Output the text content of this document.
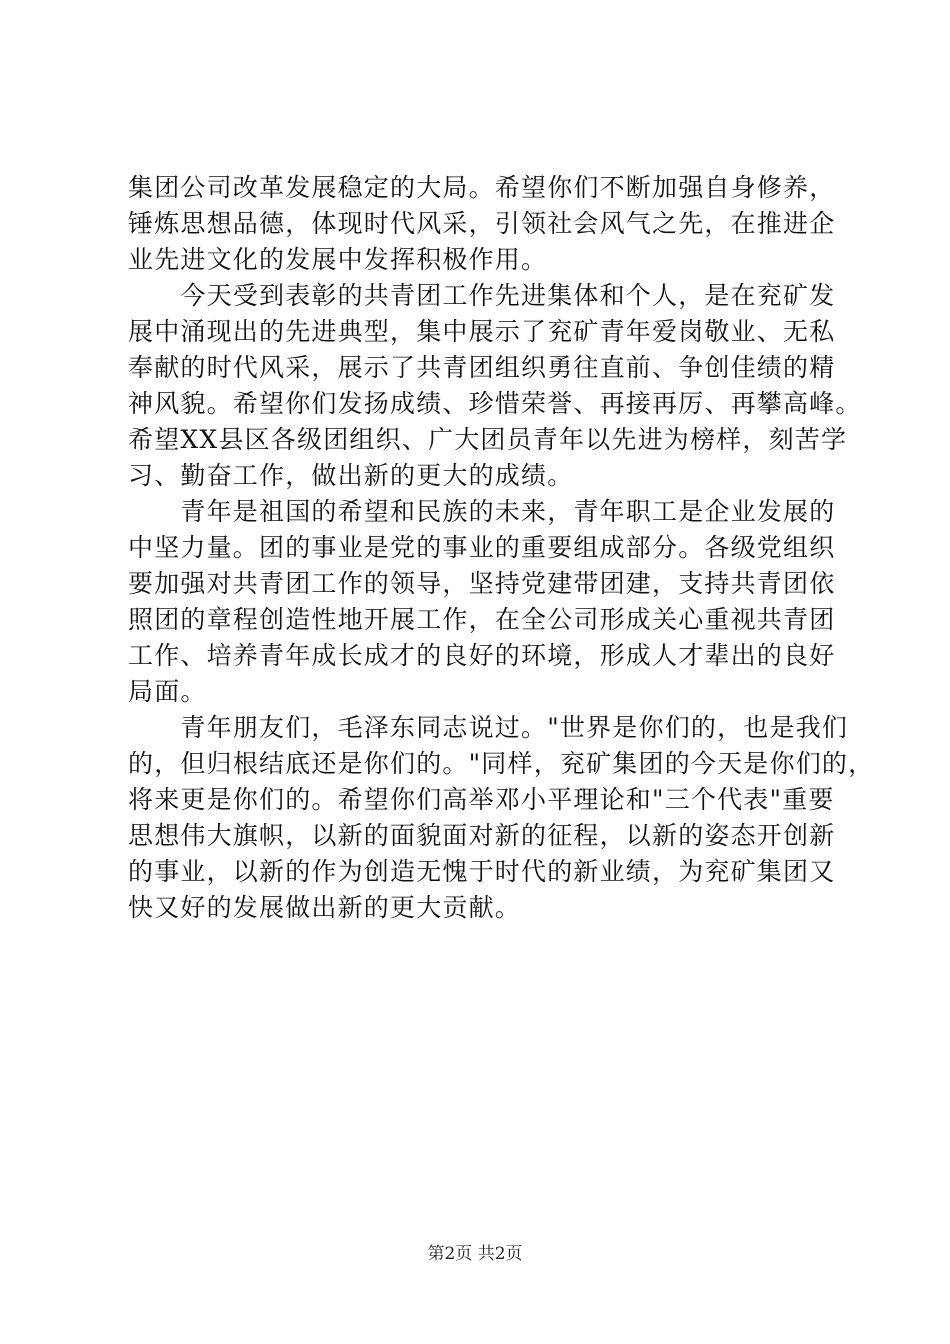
集团公司改革发展稳定的大局。希望你们不断加强自身修养，
锤炼思想品德，体现时代风采，引领社会风气之先，在推进企
业先进文化的发展中发挥积极作用。
　　今天受到表彰的共青团工作先进集体和个人，是在兖矿发
展中涌现出的先进典型，集中展示了兖矿青年爱岗敬业、无私
奉献的时代风采，展示了共青团组织勇往直前、争创佳绩的精
神风貌。希望你们发扬成绩、珍惜荣誉、再接再厉、再攀高峰。
希望XX县区各级团组织、广大团员青年以先进为榜样，刻苦学
习、勤奋工作，做出新的更大的成绩。
　　青年是祖国的希望和民族的未来，青年职工是企业发展的
中坚力量。团的事业是党的事业的重要组成部分。各级党组织
要加强对共青团工作的领导，坚持党建带团建，支持共青团依
照团的章程创造性地开展工作，在全公司形成关心重视共青团
工作、培养青年成长成才的良好的环境，形成人才辈出的良好
局面。
　　青年朋友们，毛泽东同志说过。"世界是你们的，也是我们
的，但归根结底还是你们的。"同样，兖矿集团的今天是你们的，
将来更是你们的。希望你们高举邓小平理论和"三个代表"重要
思想伟大旗帜，以新的面貌面对新的征程，以新的姿态开创新
的事业，以新的作为创造无愧于时代的新业绩，为兖矿集团又
快又好的发展做出新的更大贡献。
第2页 共2页
